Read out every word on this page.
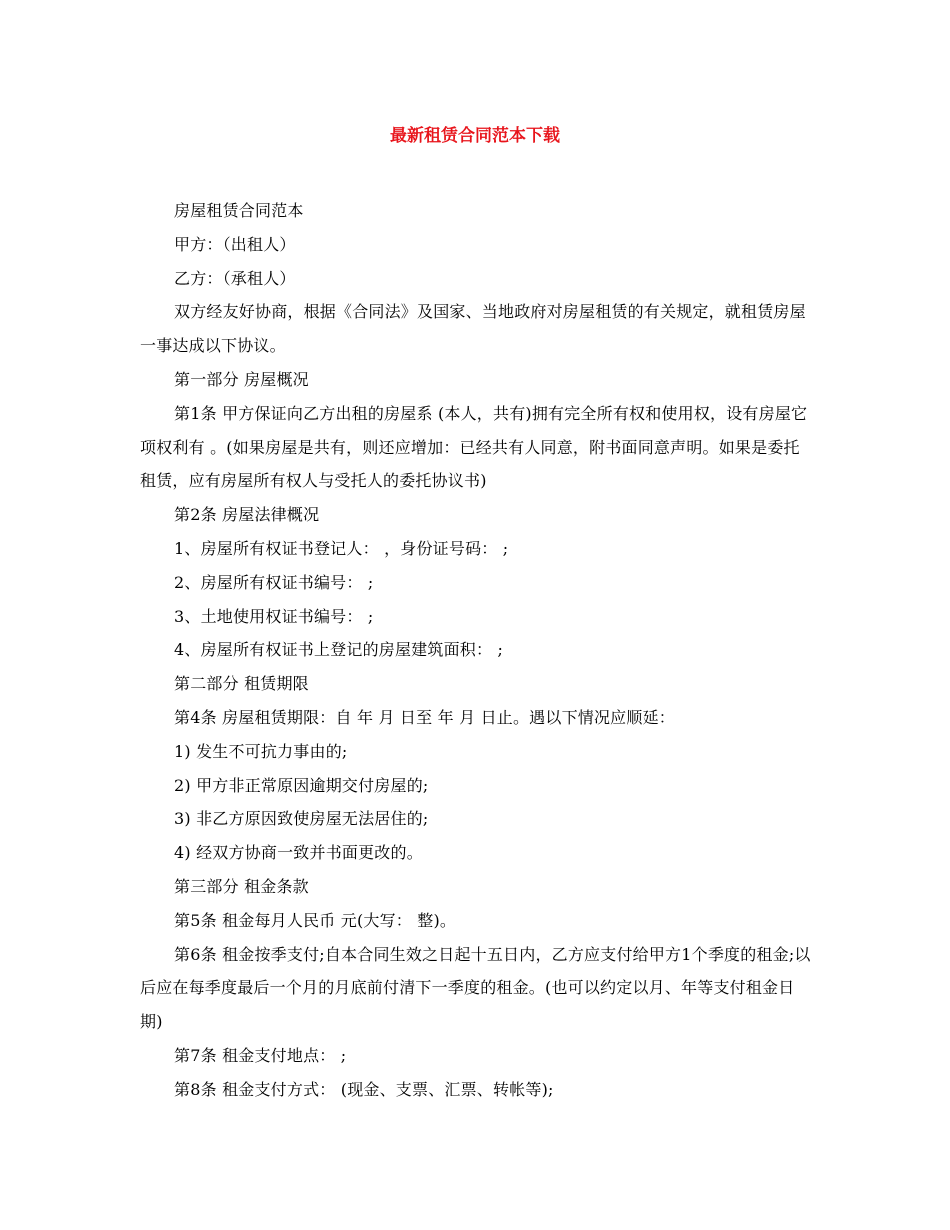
最新租赁合同范本下载

房屋租赁合同范本

甲方：（出租人）

乙方：（承租人）

双方经友好协商，根据《合同法》及国家、当地政府对房屋租赁的有关规定，就租赁房屋一事达成以下协议。

第一部分 房屋概况

第1条 甲方保证向乙方出租的房屋系 (本人，共有)拥有完全所有权和使用权，设有房屋它项权利有 。(如果房屋是共有，则还应增加：已经共有人同意，附书面同意声明。如果是委托租赁，应有房屋所有权人与受托人的委托协议书)

第2条 房屋法律概况

1、房屋所有权证书登记人： ，身份证号码： ;

2、房屋所有权证书编号： ;

3、土地使用权证书编号： ;

4、房屋所有权证书上登记的房屋建筑面积： ;

第二部分 租赁期限

第4条 房屋租赁期限：自 年 月 日至 年 月 日止。遇以下情况应顺延：

1) 发生不可抗力事由的;

2) 甲方非正常原因逾期交付房屋的;

3) 非乙方原因致使房屋无法居住的;

4) 经双方协商一致并书面更改的。

第三部分 租金条款

第5条 租金每月人民币 元(大写： 整)。

第6条 租金按季支付;自本合同生效之日起十五日内，乙方应支付给甲方1个季度的租金;以后应在每季度最后一个月的月底前付清下一季度的租金。(也可以约定以月、年等支付租金日期)

第7条 租金支付地点： ;

第8条 租金支付方式： (现金、支票、汇票、转帐等);
